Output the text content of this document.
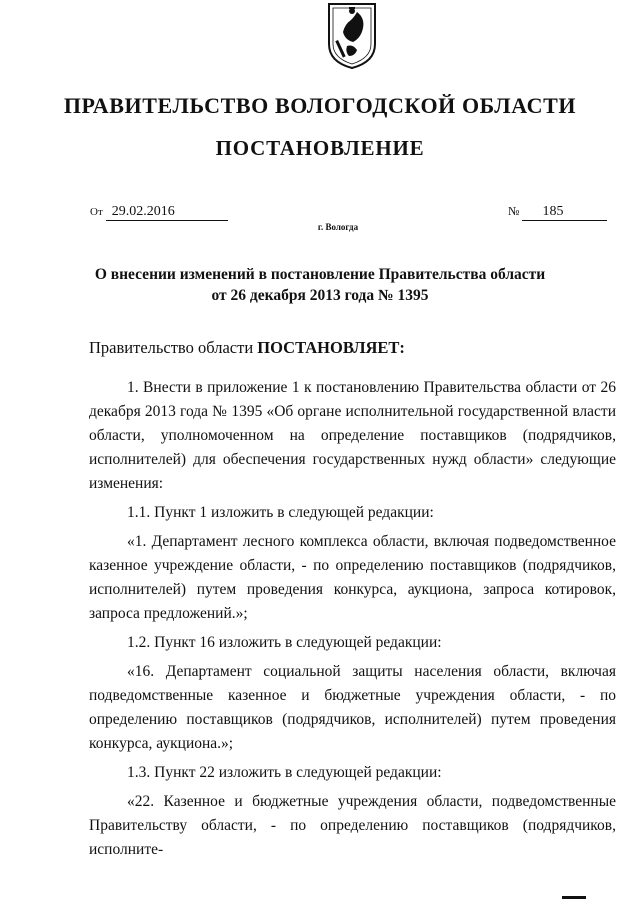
ПРАВИТЕЛЬСТВО ВОЛОГОДСКОЙ ОБЛАСТИ
ПОСТАНОВЛЕНИЕ
От 29.02.2016	№ 185
г. Вологда
О внесении изменений в постановление Правительства области
от 26 декабря 2013 года № 1395
Правительство области ПОСТАНОВЛЯЕТ:

1. Внести в приложение 1 к постановлению Правительства области от 26 декабря 2013 года № 1395 «Об органе исполнительной государственной власти области, уполномоченном на определение поставщиков (подрядчиков, исполнителей) для обеспечения государственных нужд области» следующие изменения:

1.1. Пункт 1 изложить в следующей редакции:

«1. Департамент лесного комплекса области, включая подведомственное казенное учреждение области, - по определению поставщиков (подрядчиков, исполнителей) путем проведения конкурса, аукциона, запроса котировок, запроса предложений.»;

1.2. Пункт 16 изложить в следующей редакции:

«16. Департамент социальной защиты населения области, включая подведомственные казенное и бюджетные учреждения области, - по определению поставщиков (подрядчиков, исполнителей) путем проведения конкурса, аукциона.»;

1.3. Пункт 22 изложить в следующей редакции:

«22. Казенное и бюджетные учреждения области, подведомственные Правительству области, - по определению поставщиков (подрядчиков, исполните-
